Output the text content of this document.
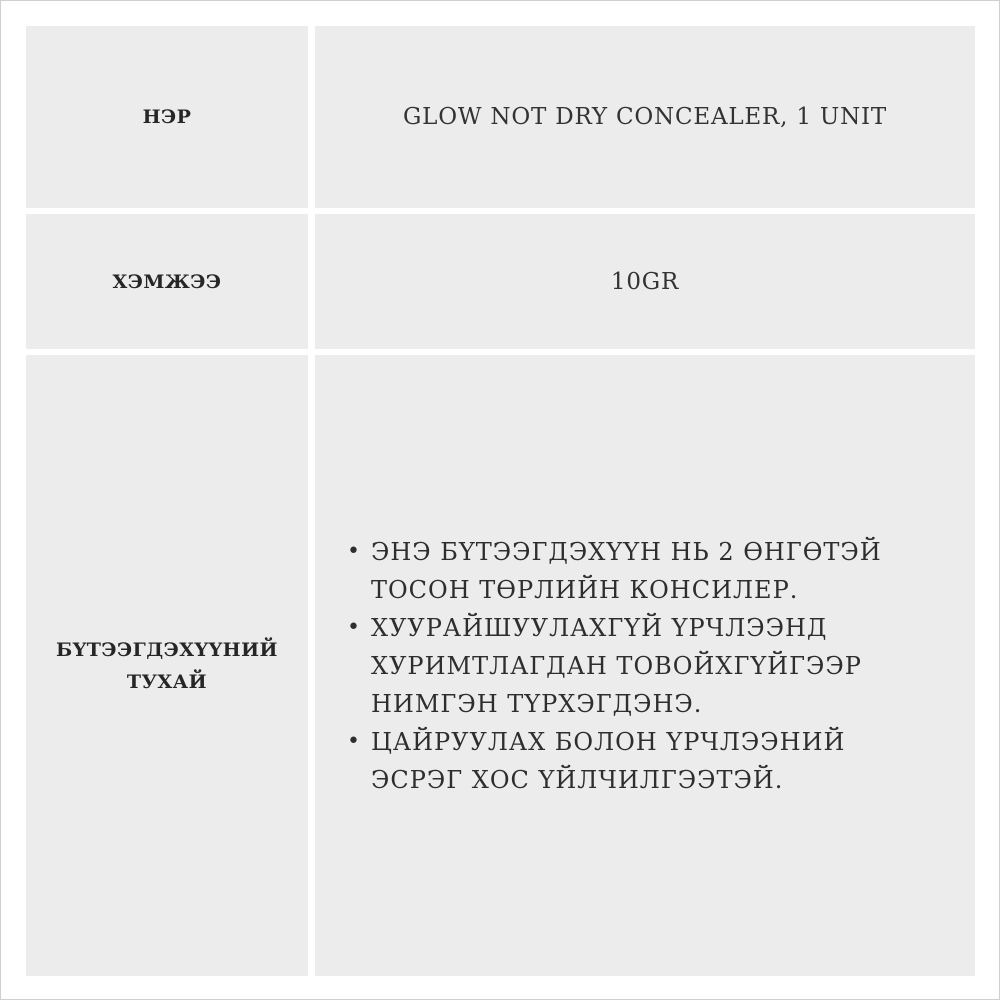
НЭР	GLOW NOT DRY CONCEALER, 1 UNIT
ХЭМЖЭЭ	10GR
БҮТЭЭГДЭХҮҮНИЙ
ТУХАЙ
• ЭНЭ БҮТЭЭГДЭХҮҮН НЬ 2 ӨНГӨТЭЙ ТОСОН ТӨРЛИЙН КОНСИЛЕР.
• ХУУРАЙШУУЛАХГҮЙ ҮРЧЛЭЭНД ХУРИМТЛАГДАН ТОВОЙХГҮЙГЭЭР НИМГЭН ТҮРХЭГДЭНЭ.
• ЦАЙРУУЛАХ БОЛОН ҮРЧЛЭЭНИЙ ЭСРЭГ ХОС ҮЙЛЧИЛГЭЭТЭЙ.
